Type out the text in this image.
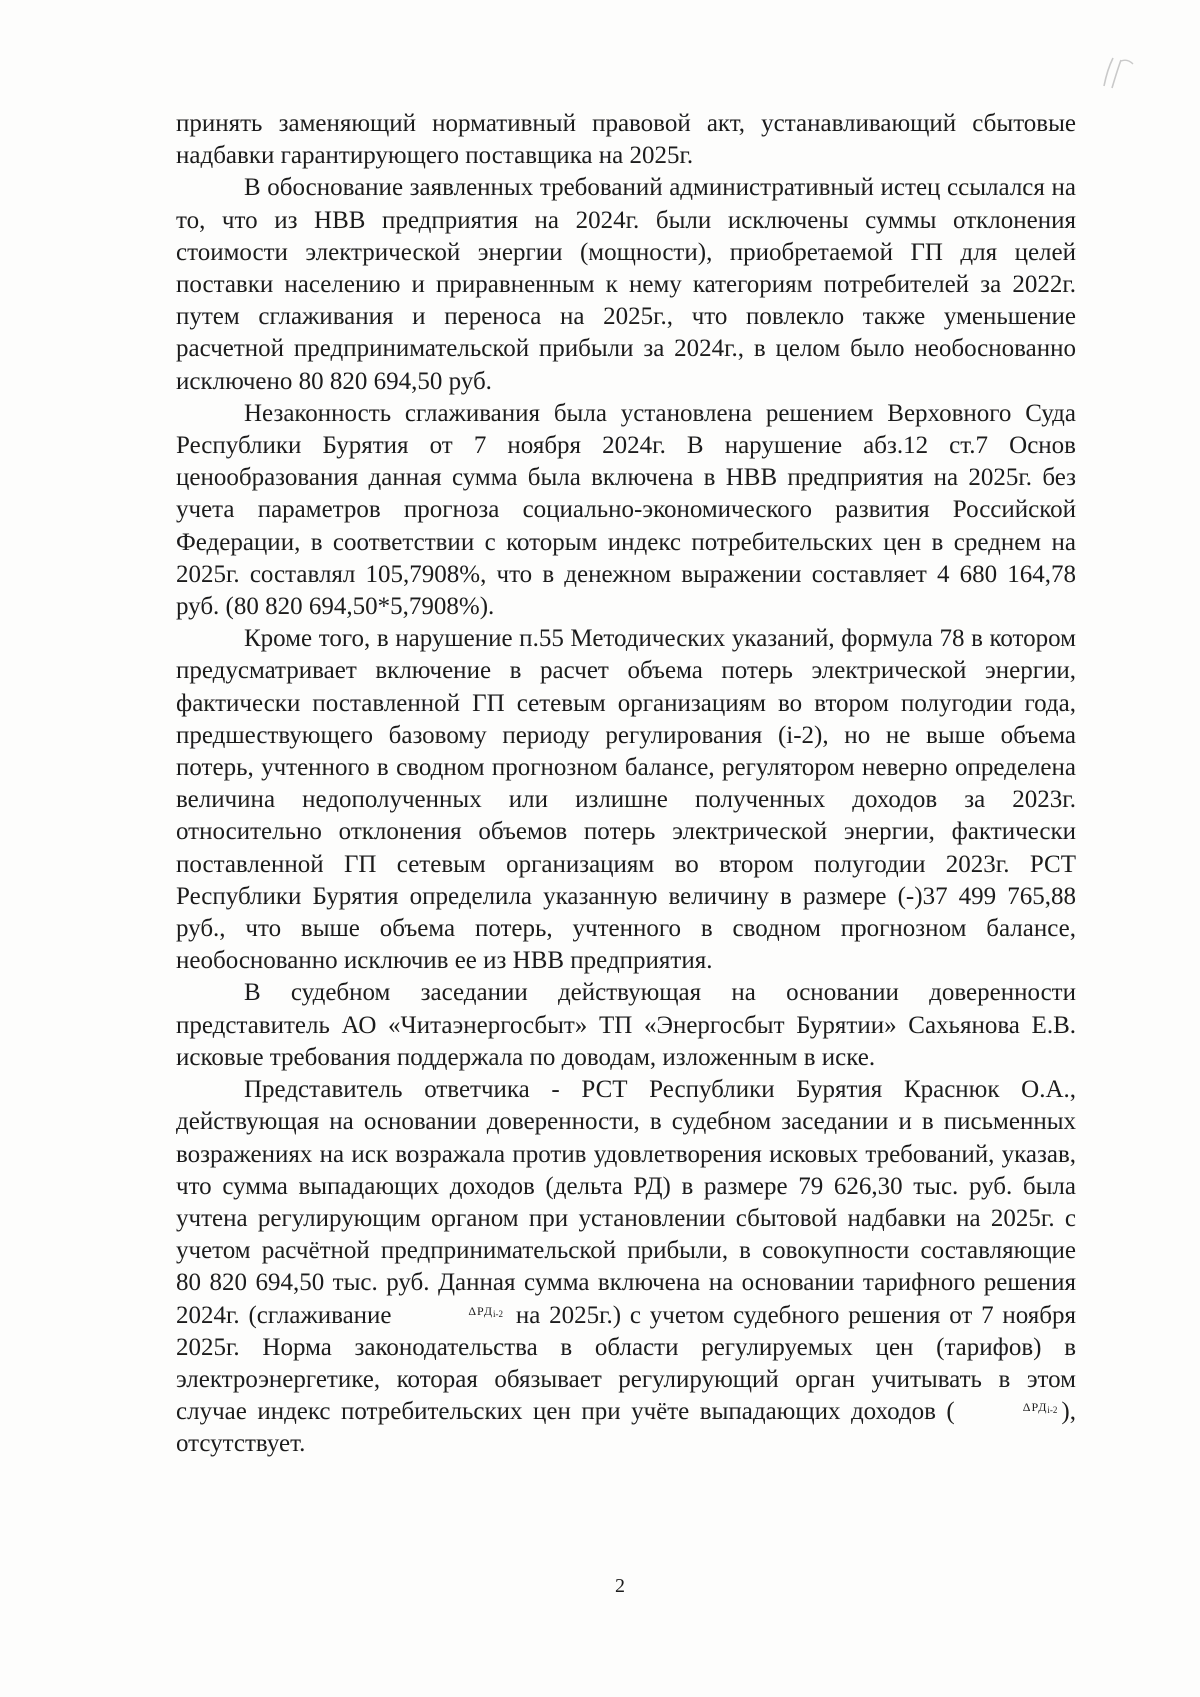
принять заменяющий нормативный правовой акт, устанавливающий сбытовые надбавки гарантирующего поставщика на 2025г.

В обоснование заявленных требований административный истец ссылался на то, что из НВВ предприятия на 2024г. были исключены суммы отклонения стоимости электрической энергии (мощности), приобретаемой ГП для целей поставки населению и приравненным к нему категориям потребителей за 2022г. путем сглаживания и переноса на 2025г., что повлекло также уменьшение расчетной предпринимательской прибыли за 2024г., в целом было необоснованно исключено 80 820 694,50 руб.

Незаконность сглаживания была установлена решением Верховного Суда Республики Бурятия от 7 ноября 2024г. В нарушение абз.12 ст.7 Основ ценообразования данная сумма была включена в НВВ предприятия на 2025г. без учета параметров прогноза социально-экономического развития Российской Федерации, в соответствии с которым индекс потребительских цен в среднем на 2025г. составлял 105,7908%, что в денежном выражении составляет 4 680 164,78 руб. (80 820 694,50*5,7908%).

Кроме того, в нарушение п.55 Методических указаний, формула 78 в котором предусматривает включение в расчет объема потерь электрической энергии, фактически поставленной ГП сетевым организациям во втором полугодии года, предшествующего базовому периоду регулирования (i-2), но не выше объема потерь, учтенного в сводном прогнозном балансе, регулятором неверно определена величина недополученных или излишне полученных доходов за 2023г. относительно отклонения объемов потерь электрической энергии, фактически поставленной ГП сетевым организациям во втором полугодии 2023г. РСТ Республики Бурятия определила указанную величину в размере (-)37 499 765,88 руб., что выше объема потерь, учтенного в сводном прогнозном балансе, необоснованно исключив ее из НВВ предприятия.

В судебном заседании действующая на основании доверенности представитель АО «Читаэнергосбыт» ТП «Энергосбыт Бурятии» Сахьянова Е.В. исковые требования поддержала по доводам, изложенным в иске.

Представитель ответчика - РСТ Республики Бурятия Краснюк О.А., действующая на основании доверенности, в судебном заседании и в письменных возражениях на иск возражала против удовлетворения исковых требований, указав, что сумма выпадающих доходов (дельта РД) в размере 79 626,30 тыс. руб. была учтена регулирующим органом при установлении сбытовой надбавки на 2025г. с учетом расчётной предпринимательской прибыли, в совокупности составляющие 80 820 694,50 тыс. руб. Данная сумма включена на основании тарифного решения 2024г. (сглаживание	$\Delta РД_{i-2}$ на 2025г.) с учетом судебного решения от 7 ноября 2025г. Норма законодательства в области регулируемых цен (тарифов) в электроэнергетике, которая обязывает регулирующий орган учитывать в этом случае индекс потребительских цен при учёте выпадающих доходов (	$\Delta РД_{i-2}$ ), отсутствует.

2
